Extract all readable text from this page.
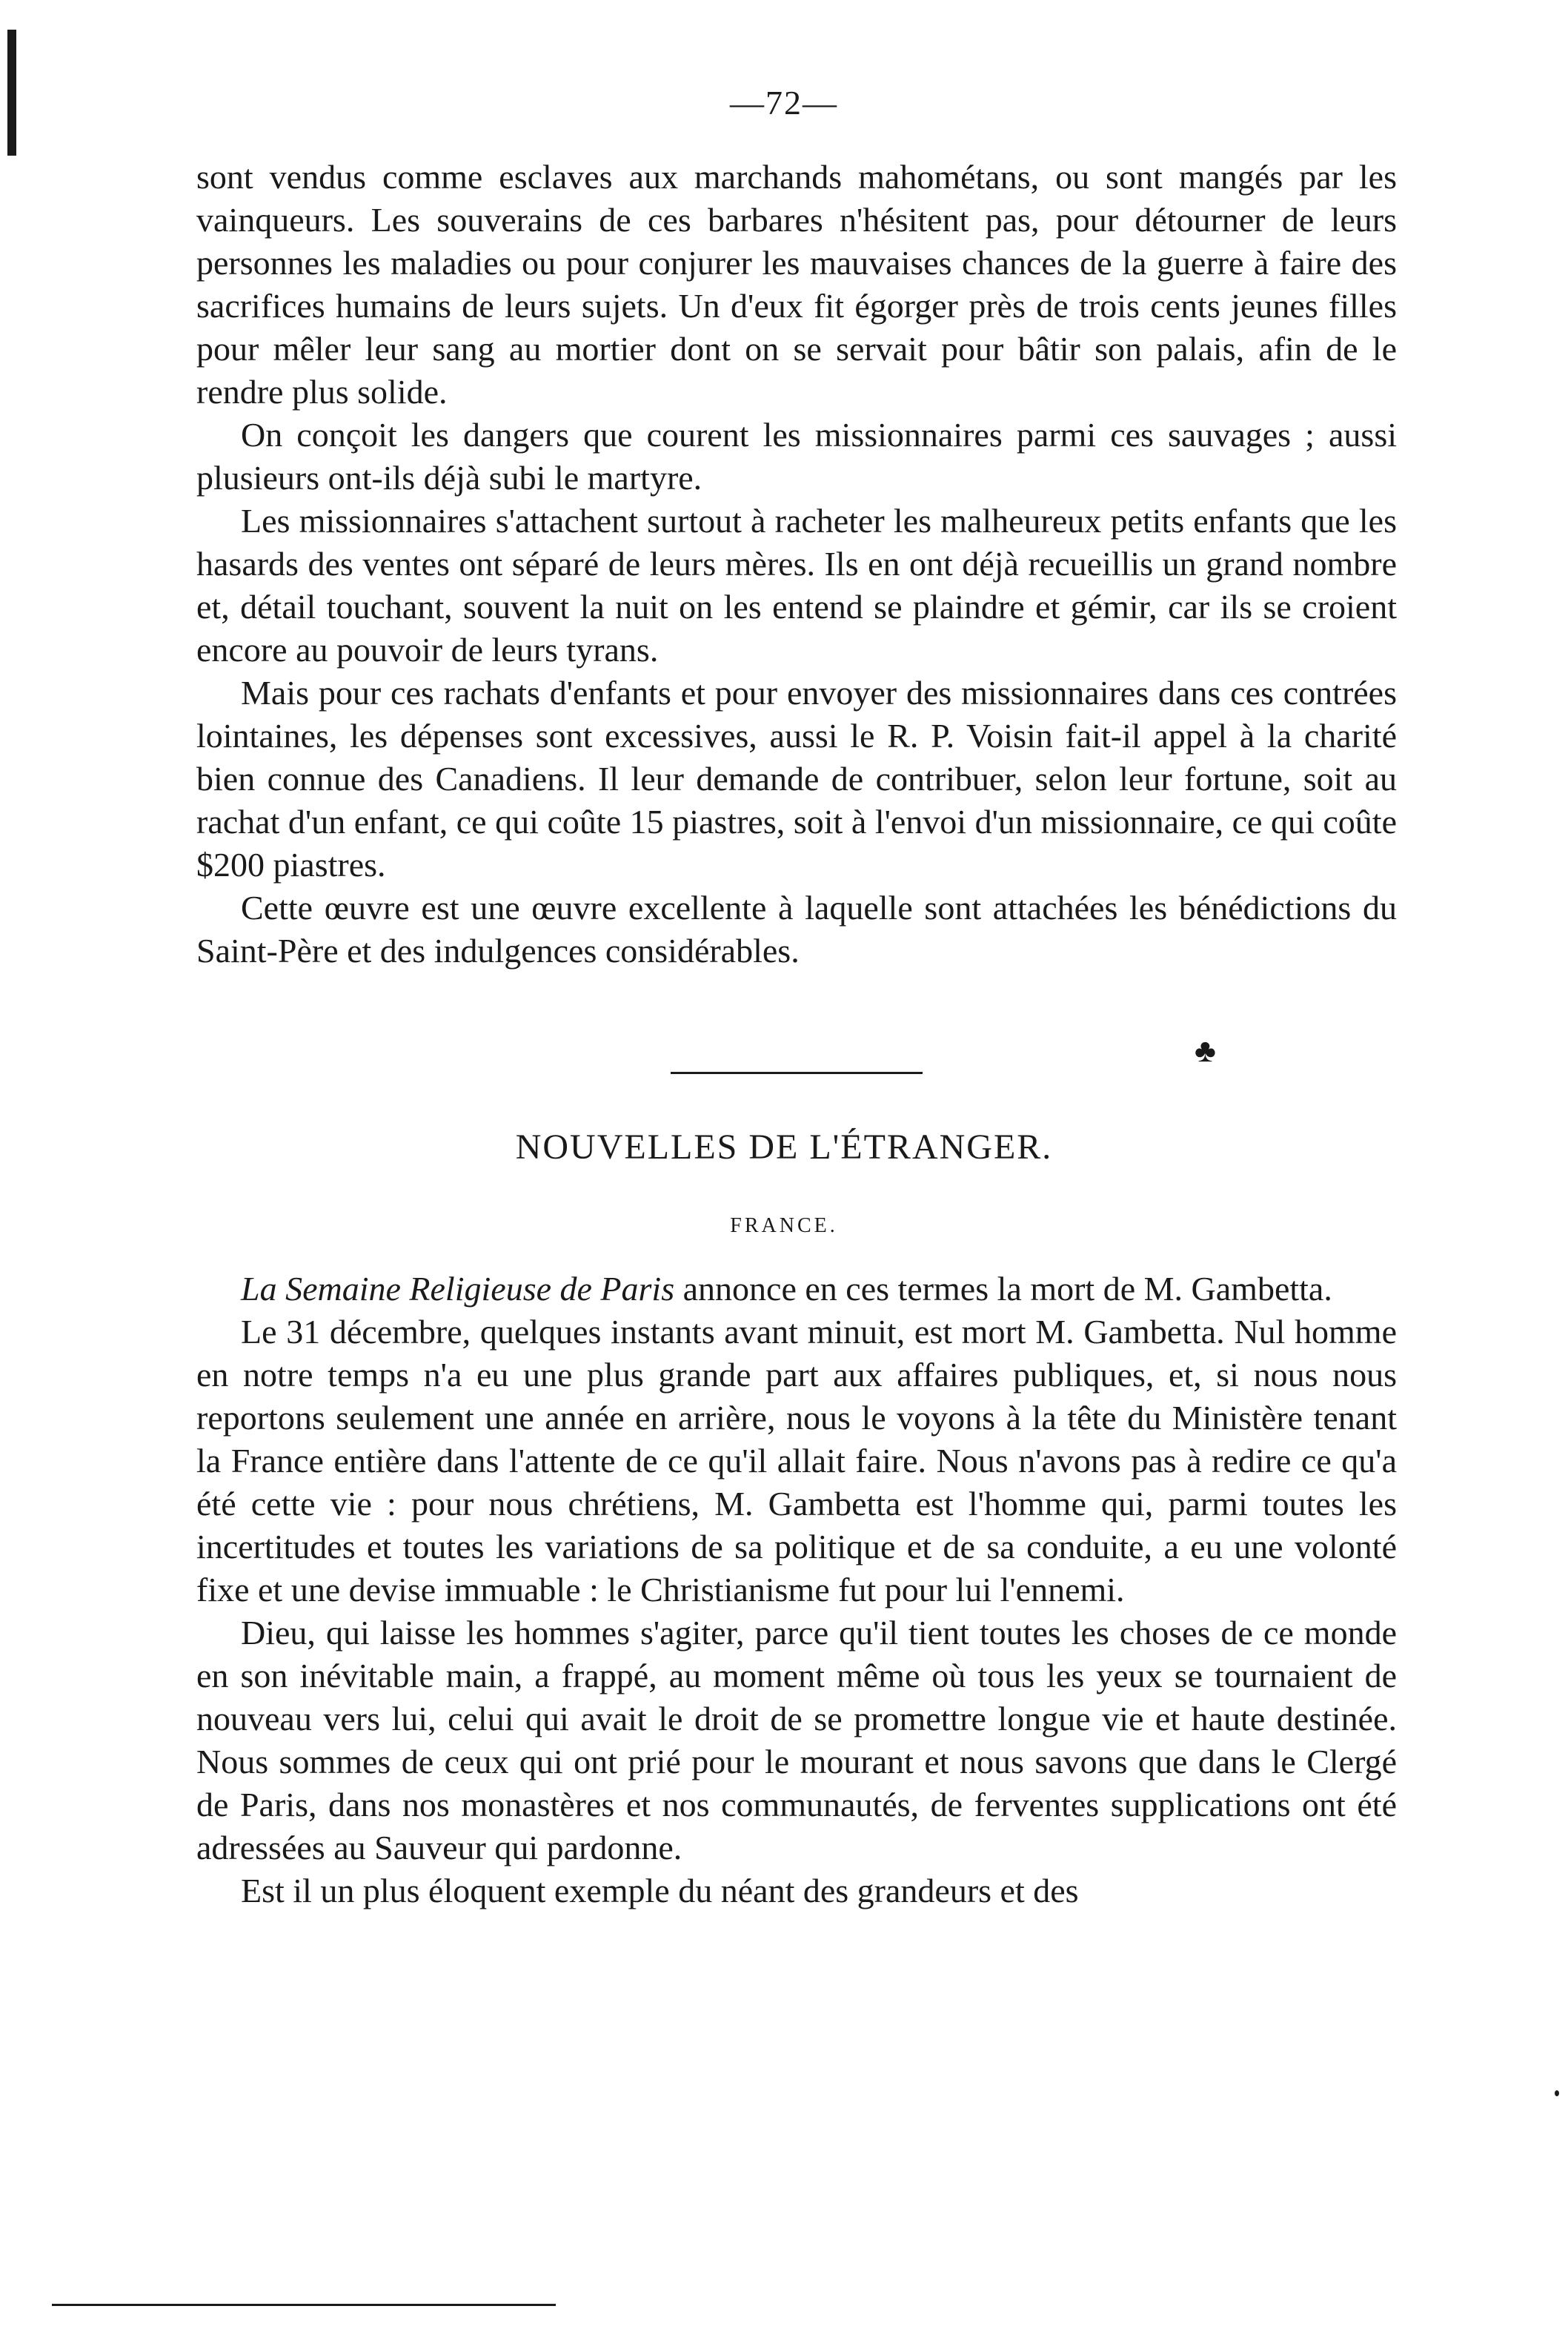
—72—

sont vendus comme esclaves aux marchands mahométans, ou sont mangés par les vainqueurs. Les souverains de ces barbares n'hésitent pas, pour détourner de leurs personnes les maladies ou pour conjurer les mauvaises chances de la guerre à faire des sacrifices humains de leurs sujets. Un d'eux fit égorger près de trois cents jeunes filles pour mêler leur sang au mortier dont on se servait pour bâtir son palais, afin de le rendre plus solide.

On conçoit les dangers que courent les missionnaires parmi ces sauvages ; aussi plusieurs ont-ils déjà subi le martyre.

Les missionnaires s'attachent surtout à racheter les malheureux petits enfants que les hasards des ventes ont séparé de leurs mères. Ils en ont déjà recueillis un grand nombre et, détail touchant, souvent la nuit on les entend se plaindre et gémir, car ils se croient encore au pouvoir de leurs tyrans.

Mais pour ces rachats d'enfants et pour envoyer des missionnaires dans ces contrées lointaines, les dépenses sont excessives, aussi le R. P. Voisin fait-il appel à la charité bien connue des Canadiens. Il leur demande de contribuer, selon leur fortune, soit au rachat d'un enfant, ce qui coûte 15 piastres, soit à l'envoi d'un missionnaire, ce qui coûte $200 piastres.

Cette œuvre est une œuvre excellente à laquelle sont attachées les bénédictions du Saint-Père et des indulgences considérables.

♣
NOUVELLES DE L'ÉTRANGER.
FRANCE.

La Semaine Religieuse de Paris annonce en ces termes la mort de M. Gambetta.

Le 31 décembre, quelques instants avant minuit, est mort M. Gambetta. Nul homme en notre temps n'a eu une plus grande part aux affaires publiques, et, si nous nous reportons seulement une année en arrière, nous le voyons à la tête du Ministère tenant la France entière dans l'attente de ce qu'il allait faire. Nous n'avons pas à redire ce qu'a été cette vie : pour nous chrétiens, M. Gambetta est l'homme qui, parmi toutes les incertitudes et toutes les variations de sa politique et de sa conduite, a eu une volonté fixe et une devise immuable : le Christianisme fut pour lui l'ennemi.

Dieu, qui laisse les hommes s'agiter, parce qu'il tient toutes les choses de ce monde en son inévitable main, a frappé, au moment même où tous les yeux se tournaient de nouveau vers lui, celui qui avait le droit de se promettre longue vie et haute destinée. Nous sommes de ceux qui ont prié pour le mourant et nous savons que dans le Clergé de Paris, dans nos monastères et nos communautés, de ferventes supplications ont été adressées au Sauveur qui pardonne.

Est il un plus éloquent exemple du néant des grandeurs et des
